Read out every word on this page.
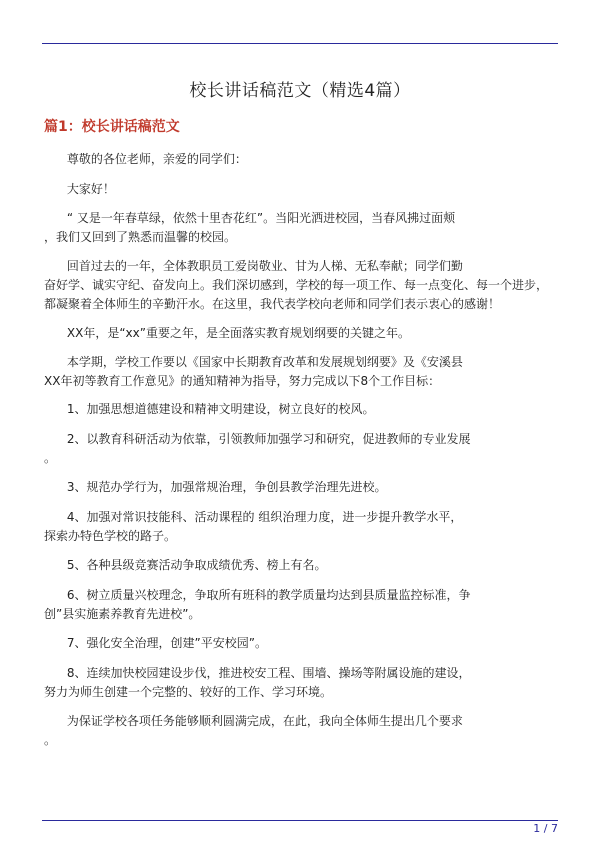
校长讲话稿范文（精选4篇）
篇1：校长讲话稿范文
尊敬的各位老师，亲爱的同学们：
大家好！
“ 又是一年春草绿，依然十里杏花红”。当阳光洒进校园，当春风拂过面颊
，我们又回到了熟悉而温馨的校园。
回首过去的一年，全体教职员工爱岗敬业、甘为人梯、无私奉献；同学们勤
奋好学、诚实守纪、奋发向上。我们深切感到，学校的每一项工作、每一点变化、每一个进步，
都凝聚着全体师生的辛勤汗水。在这里，我代表学校向老师和同学们表示衷心的感谢！
XX年，是“xx”重要之年，是全面落实教育规划纲要的关键之年。
本学期，学校工作要以《国家中长期教育改革和发展规划纲要》及《安溪县
XX年初等教育工作意见》的通知精神为指导，努力完成以下8个工作目标：
1、加强思想道德建设和精神文明建设，树立良好的校风。
2、以教育科研活动为依靠，引领教师加强学习和研究，促进教师的专业发展
。
3、规范办学行为，加强常规治理，争创县教学治理先进校。
4、加强对常识技能科、活动课程的 组织治理力度，进一步提升教学水平，
探索办特色学校的路子。
5、各种县级竞赛活动争取成绩优秀、榜上有名。
6、树立质量兴校理念，争取所有班科的教学质量均达到县质量监控标准，争
创”县实施素养教育先进校”。
7、强化安全治理，创建”平安校园”。
8、连续加快校园建设步伐，推进校安工程、围墙、操场等附属设施的建设，
努力为师生创建一个完整的、较好的工作、学习环境。
为保证学校各项任务能够顺利圆满完成，在此，我向全体师生提出几个要求
。
1 / 7
